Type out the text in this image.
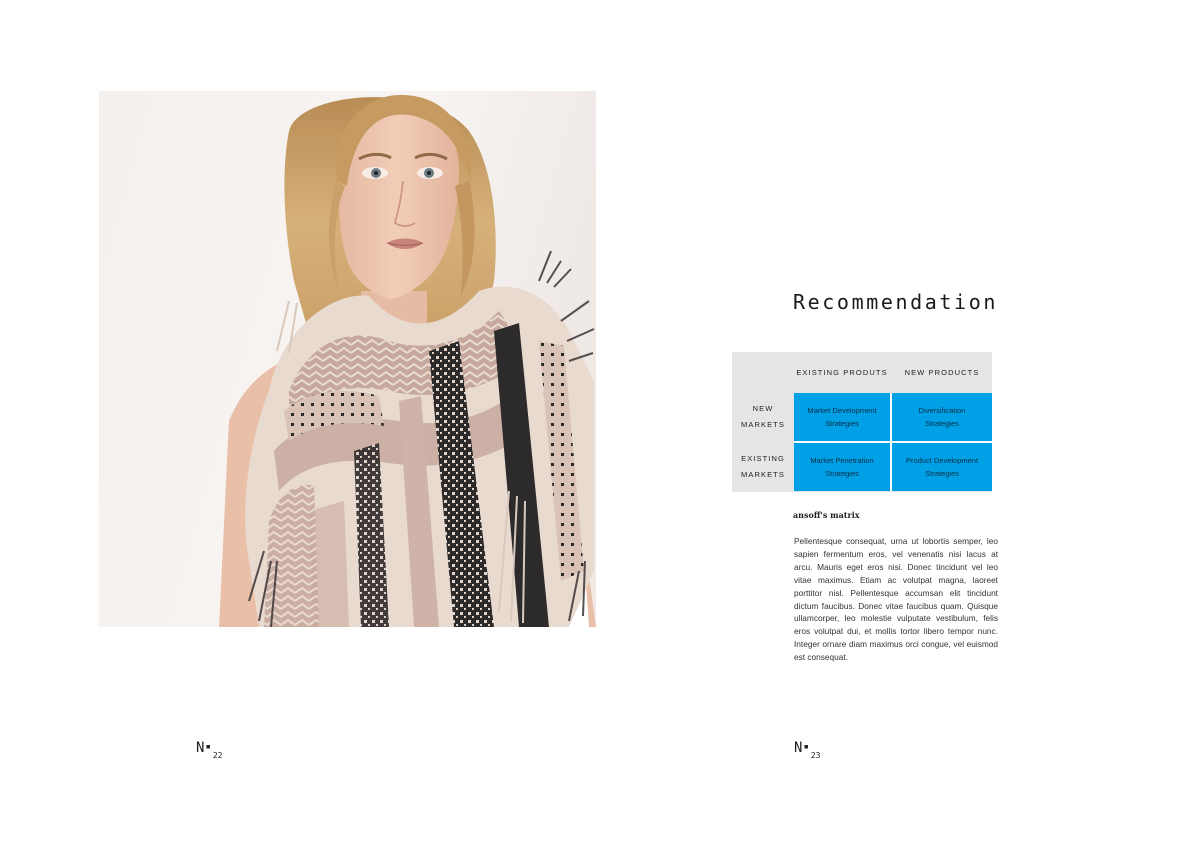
$N^▪_{22}$
Recommendation
EXISTING PRODUTS	NEW PRODUCTS
NEW
MARKETS
Market Development
Strategies
Diversification
Strategies
EXISTING
MARKETS
Market Penetration
Strategies
Product Development
Strategies
ansoff's matrix

Pellentesque consequat, urna ut lobortis semper, leo sapien fermentum eros, vel venenatis nisi lacus at arcu. Mauris eget eros nisi. Donec tincidunt vel leo vitae maximus. Etiam ac volutpat magna, laoreet porttitor nisl. Pellentesque accumsan elit tincidunt dictum faucibus. Donec vitae faucibus quam. Quisque ullamcorper, leo molestie vulputate vestibulum, felis eros volutpat dui, et mollis tortor libero tempor nunc. Integer ornare diam maximus orci congue, vel euismod est consequat.

$N^▪_{23}$
